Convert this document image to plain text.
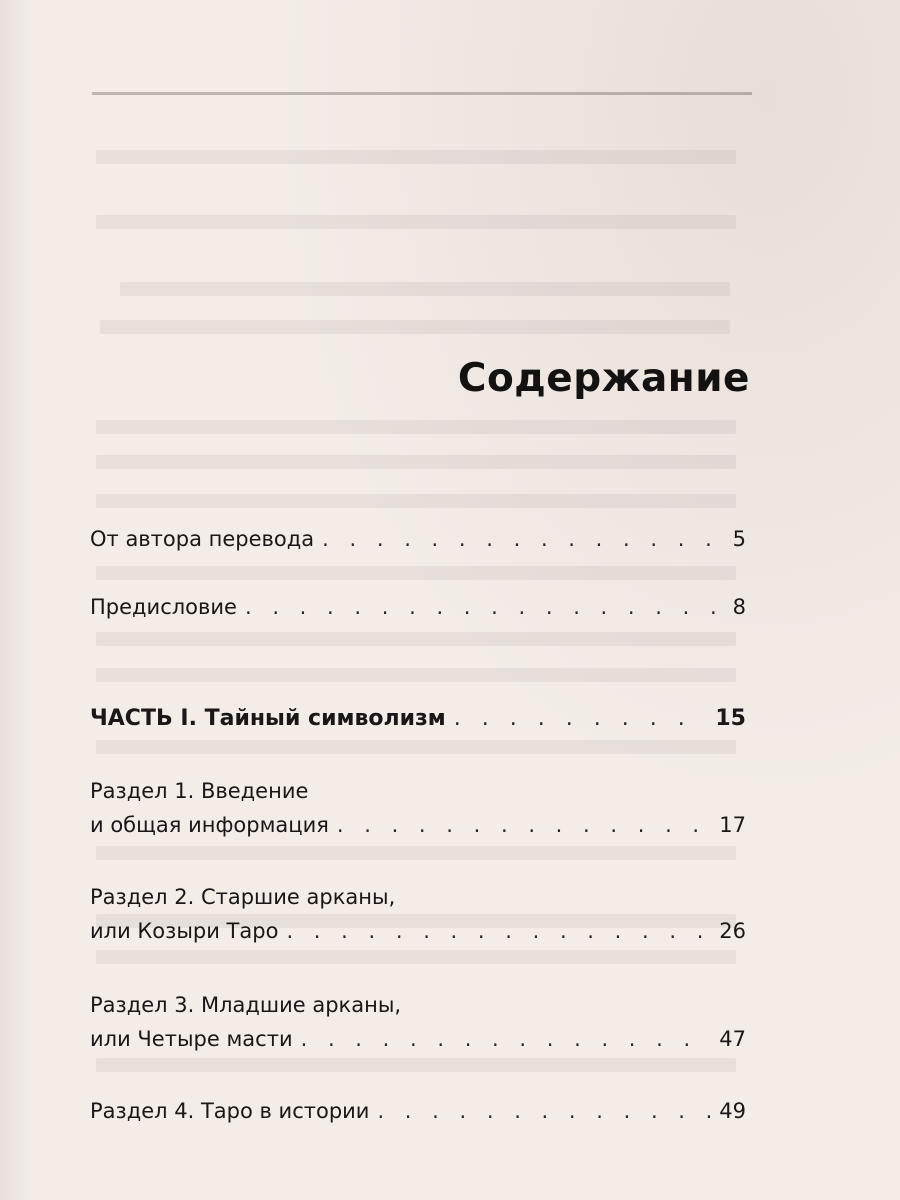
Содержание
От автора перевода . . .	5
Предисловие . . .	8
ЧАСТЬ I. Тайный символизм . . .	15
Раздел 1. Введение
и общая информация . . .	17
Раздел 2. Старшие арканы,
или Козыри Таро . . .	26
Раздел 3. Младшие арканы,
или Четыре масти . . .	47
Раздел 4. Таро в истории . . .	49
